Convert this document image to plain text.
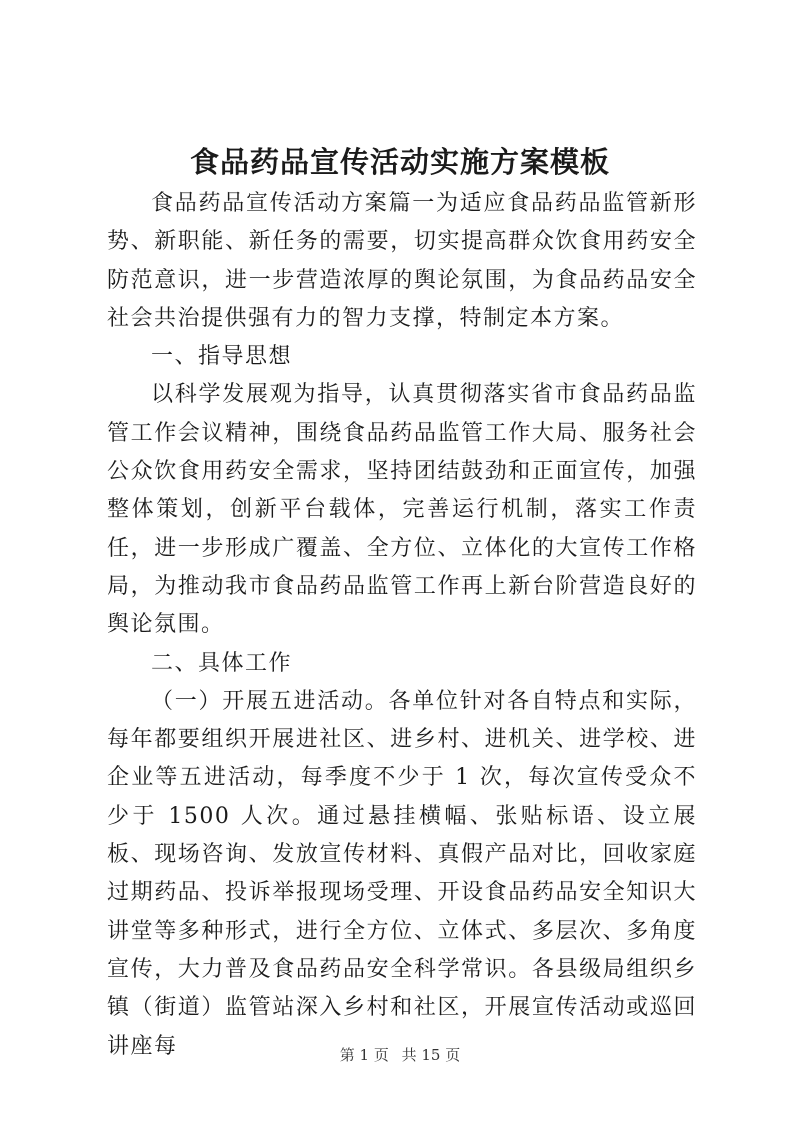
食品药品宣传活动实施方案模板

食品药品宣传活动方案篇一为适应食品药品监管新形势、新职能、新任务的需要，切实提高群众饮食用药安全防范意识，进一步营造浓厚的舆论氛围，为食品药品安全社会共治提供强有力的智力支撑，特制定本方案。

一、指导思想

以科学发展观为指导，认真贯彻落实省市食品药品监管工作会议精神，围绕食品药品监管工作大局、服务社会公众饮食用药安全需求，坚持团结鼓劲和正面宣传，加强整体策划，创新平台载体，完善运行机制，落实工作责任，进一步形成广覆盖、全方位、立体化的大宣传工作格局，为推动我市食品药品监管工作再上新台阶营造良好的舆论氛围。

二、具体工作

（一）开展五进活动。各单位针对各自特点和实际，每年都要组织开展进社区、进乡村、进机关、进学校、进企业等五进活动，每季度不少于 1 次，每次宣传受众不少于 1500 人次。通过悬挂横幅、张贴标语、设立展板、现场咨询、发放宣传材料、真假产品对比，回收家庭过期药品、投诉举报现场受理、开设食品药品安全知识大讲堂等多种形式，进行全方位、立体式、多层次、多角度宣传，大力普及食品药品安全科学常识。各县级局组织乡镇（街道）监管站深入乡村和社区，开展宣传活动或巡回讲座每	第 1 页 共 15 页
